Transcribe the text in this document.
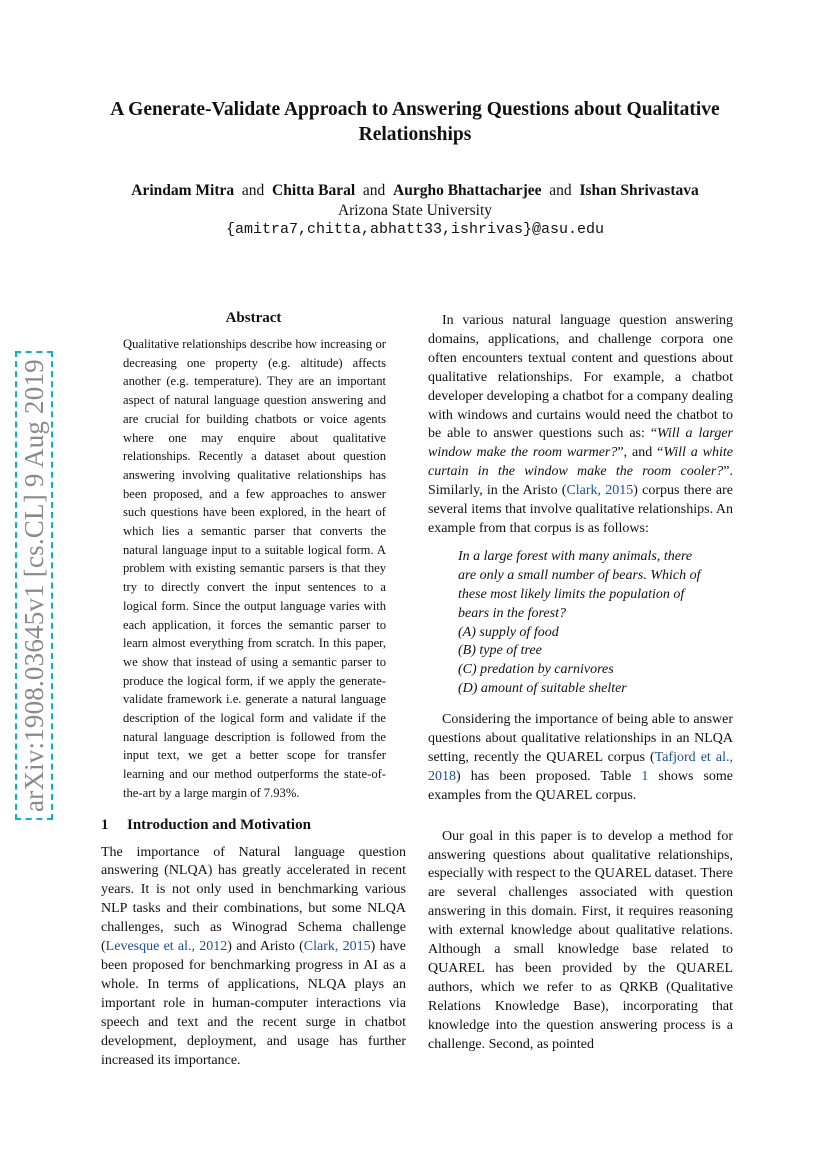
A Generate-Validate Approach to Answering Questions about Qualitative Relationships
Arindam Mitra and Chitta Baral and Aurgho Bhattacharjee and Ishan Shrivastava
Arizona State University
{amitra7,chitta,abhatt33,ishrivas}@asu.edu
arXiv:1908.03645v1 [cs.CL] 9 Aug 2019
Abstract

Qualitative relationships describe how increasing or decreasing one property (e.g. altitude) affects another (e.g. temperature). They are an important aspect of natural language question answering and are crucial for building chatbots or voice agents where one may enquire about qualitative relationships. Recently a dataset about question answering involving qualitative relationships has been proposed, and a few approaches to answer such questions have been explored, in the heart of which lies a semantic parser that converts the natural language input to a suitable logical form. A problem with existing semantic parsers is that they try to directly convert the input sentences to a logical form. Since the output language varies with each application, it forces the semantic parser to learn almost everything from scratch. In this paper, we show that instead of using a semantic parser to produce the logical form, if we apply the generate-validate framework i.e. generate a natural language description of the logical form and validate if the natural language description is followed from the input text, we get a better scope for transfer learning and our method outperforms the state-of-the-art by a large margin of 7.93%.

1 Introduction and Motivation

The importance of Natural language question answering (NLQA) has greatly accelerated in recent years. It is not only used in benchmarking various NLP tasks and their combinations, but some NLQA challenges, such as Winograd Schema challenge (Levesque et al., 2012) and Aristo (Clark, 2015) have been proposed for benchmarking progress in AI as a whole. In terms of applications, NLQA plays an important role in human-computer interactions via speech and text and the recent surge in chatbot development, deployment, and usage has further increased its importance.

In various natural language question answering domains, applications, and challenge corpora one often encounters textual content and questions about qualitative relationships. For example, a chatbot developer developing a chatbot for a company dealing with windows and curtains would need the chatbot to be able to answer questions such as: “Will a larger window make the room warmer?”, and “Will a white curtain in the window make the room cooler?”. Similarly, in the Aristo (Clark, 2015) corpus there are several items that involve qualitative relationships. An example from that corpus is as follows:

In a large forest with many animals, there are only a small number of bears. Which of these most likely limits the population of bears in the forest?
(A) supply of food
(B) type of tree
(C) predation by carnivores
(D) amount of suitable shelter

Considering the importance of being able to answer questions about qualitative relationships in an NLQA setting, recently the QUAREL corpus (Tafjord et al., 2018) has been proposed. Table 1 shows some examples from the QUAREL corpus.

Our goal in this paper is to develop a method for answering questions about qualitative relationships, especially with respect to the QUAREL dataset. There are several challenges associated with question answering in this domain. First, it requires reasoning with external knowledge about qualitative relations. Although a small knowledge base related to QUAREL has been provided by the QUAREL authors, which we refer to as QRKB (Qualitative Relations Knowledge Base), incorporating that knowledge into the question answering process is a challenge. Second, as pointed
